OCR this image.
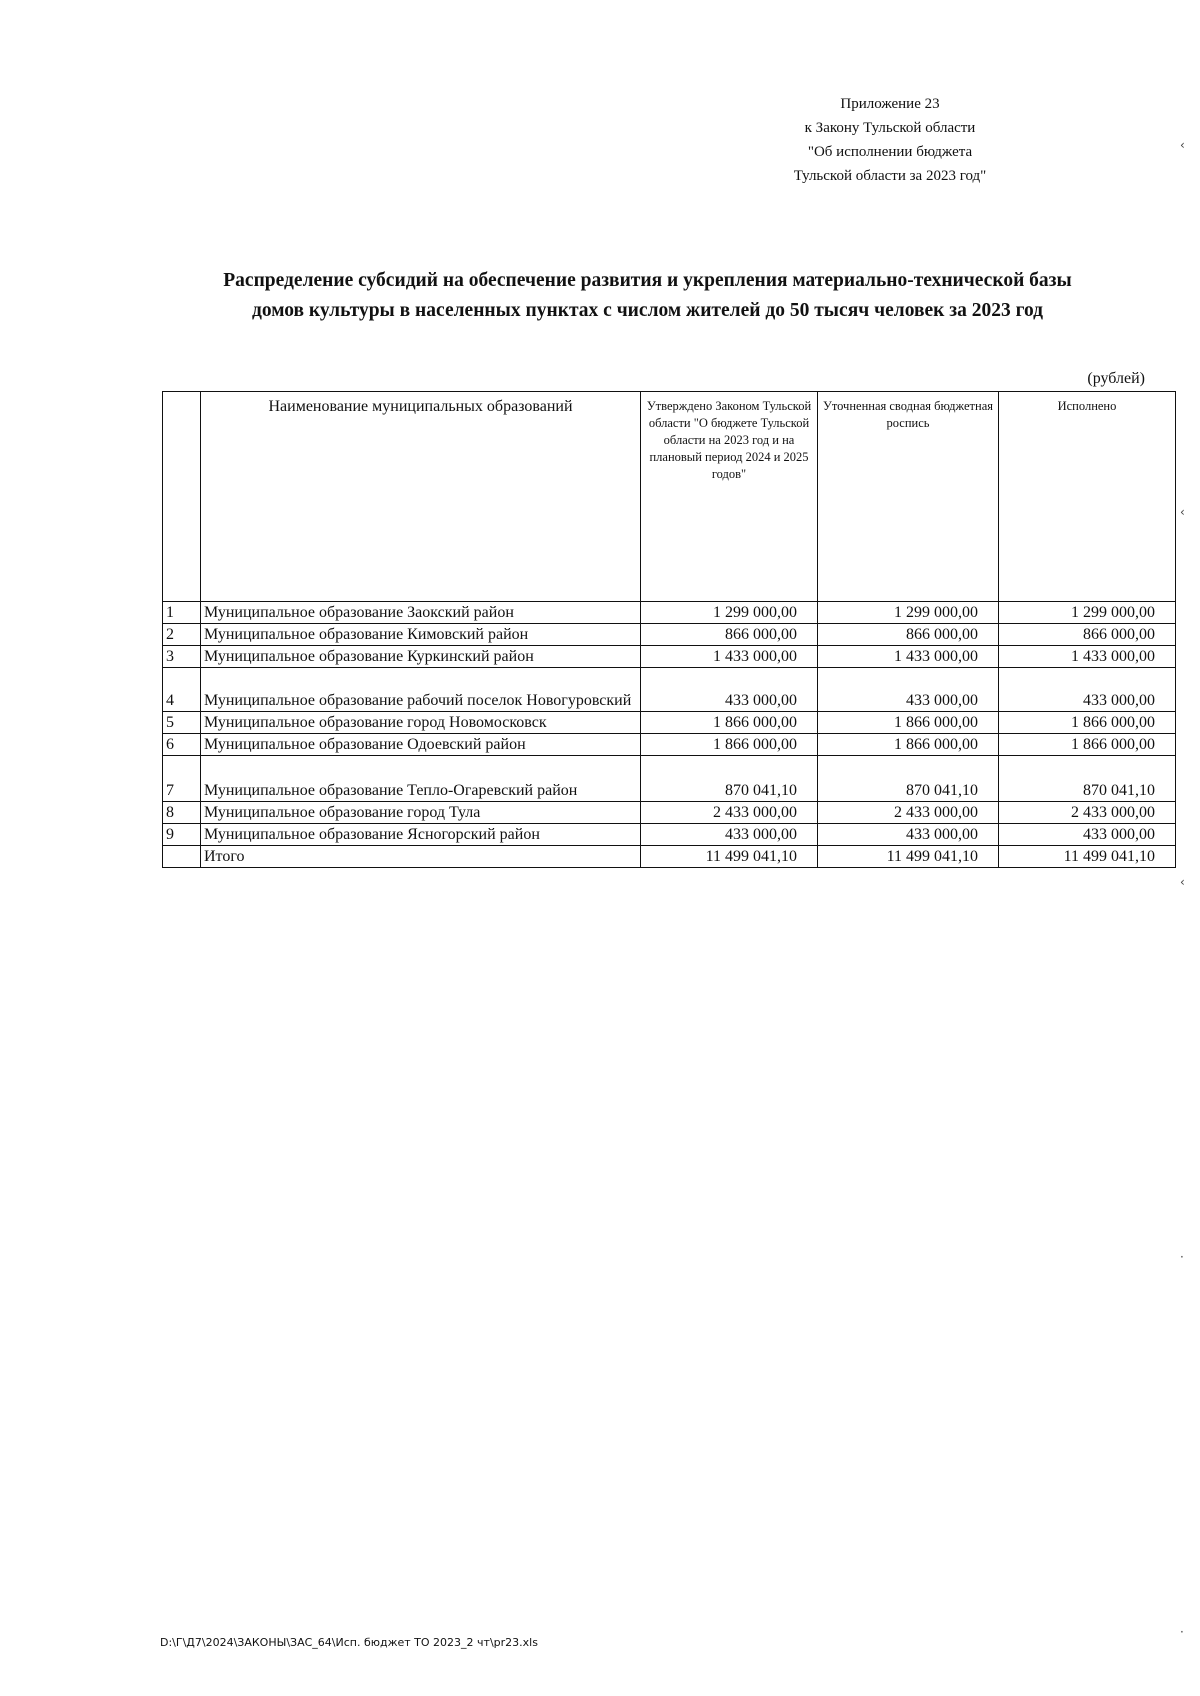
Приложение 23
к Закону Тульской области
"Об исполнении бюджета
Тульской области за 2023 год"
Распределение субсидий на обеспечение развития и укрепления материально-технической базы
домов культуры в населенных пунктах с числом жителей до 50 тысяч человек за 2023 год
(рублей)
	Наименование муниципальных образований	Утверждено Законом Тульской области "О бюджете Тульской области на 2023 год и на плановый период 2024 и 2025 годов"	Уточненная сводная бюджетная роспись	Исполнено
1	Муниципальное образование Заокский район	1 299 000,00	1 299 000,00	1 299 000,00
2	Муниципальное образование Кимовский район	866 000,00	866 000,00	866 000,00
3	Муниципальное образование Куркинский район	1 433 000,00	1 433 000,00	1 433 000,00
4	Муниципальное образование рабочий поселок Новогуровский	433 000,00	433 000,00	433 000,00
5	Муниципальное образование город Новомосковск	1 866 000,00	1 866 000,00	1 866 000,00
6	Муниципальное образование Одоевский район	1 866 000,00	1 866 000,00	1 866 000,00
7	Муниципальное образование Тепло-Огаревский район	870 041,10	870 041,10	870 041,10
8	Муниципальное образование город Тула	2 433 000,00	2 433 000,00	2 433 000,00
9	Муниципальное образование Ясногорский район	433 000,00	433 000,00	433 000,00
	Итого	11 499 041,10	11 499 041,10	11 499 041,10
D:\Г\Д7\2024\ЗАКОНЫ\ЗАС_64\Исп. бюджет ТО 2023_2 чт\pr23.xls
‹
‹
‹
·
·
